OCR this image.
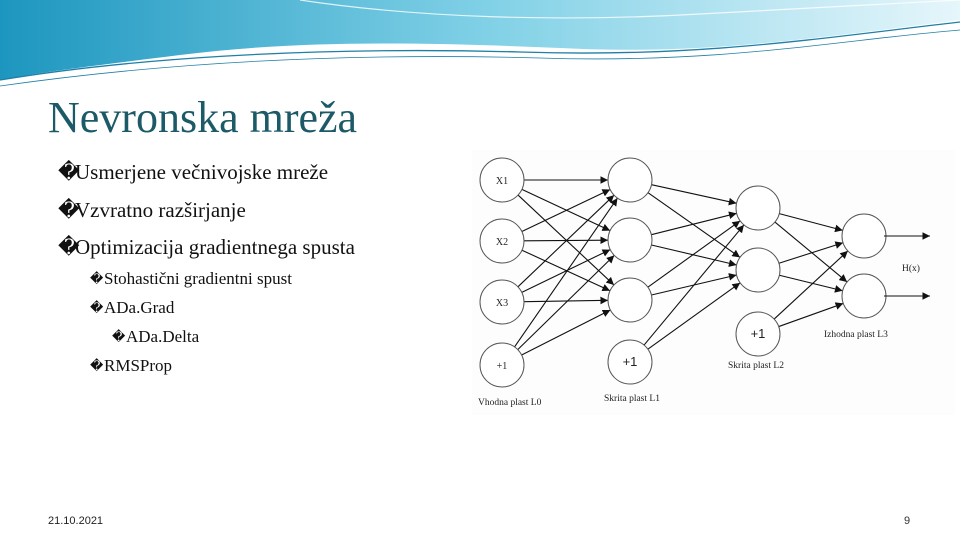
Nevronska mreža
�Usmerjene večnivojske mreže
�Vzvratno razširjanje
�Optimizacija gradientnega spusta
�Stohastični gradientni spust
�ADa.Grad
�ADa.Delta
�RMSProp
X1
X2
X3
+1	+1
+1
H(x)
Vhodna plast L0	Skrita plast L1
Skrita plast L2
Izhodna plast L3
21.10.2021	9
